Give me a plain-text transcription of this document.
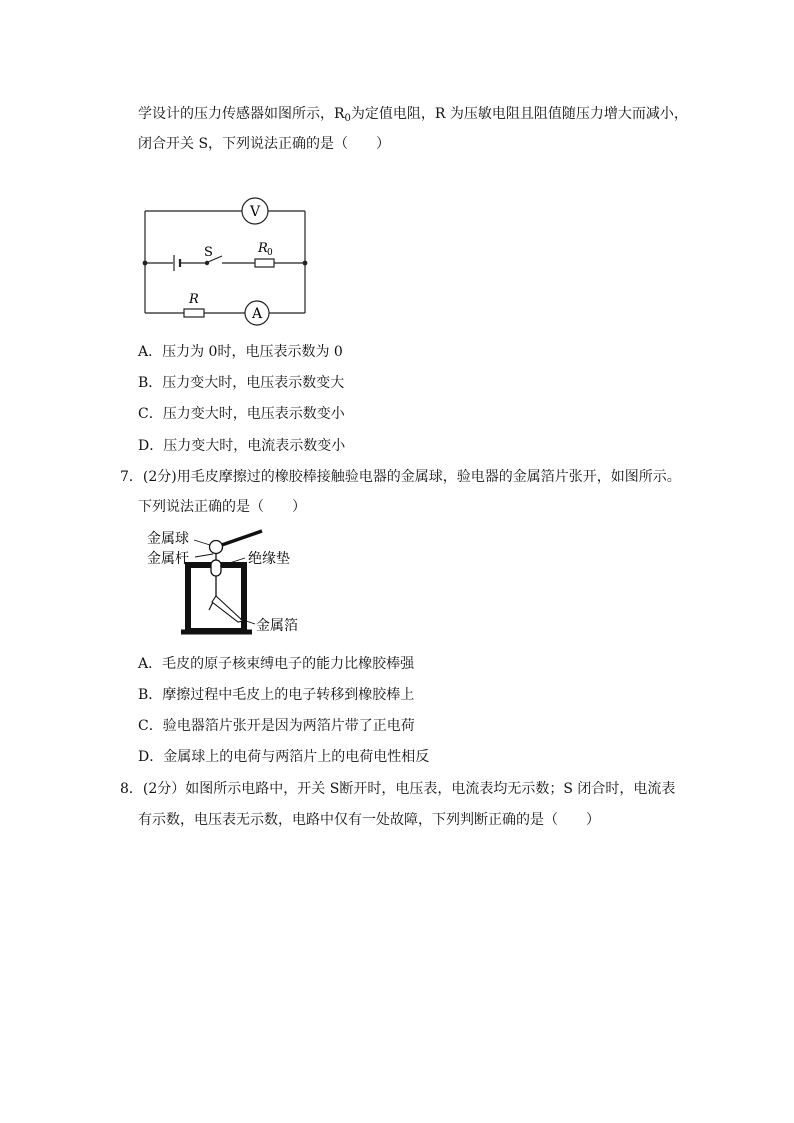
学设计的压力传感器如图所示，$R_0$为定值电阻，R 为压敏电阻且阻值随压力增大而减小，
闭合开关 S，下列说法正确的是（　　）
V
A
S	R 0
R
A．压力为 0时，电压表示数为 0
B．压力变大时，电压表示数变大
C．压力变大时，电压表示数变小
D．压力变大时，电流表示数变小
7．(2分)用毛皮摩擦过的橡胶棒接触验电器的金属球，验电器的金属箔片张开，如图所示。
下列说法正确的是（　　）
金属球
金属杆	绝缘垫
金属箔
A．毛皮的原子核束缚电子的能力比橡胶棒强
B．摩擦过程中毛皮上的电子转移到橡胶棒上
C．验电器箔片张开是因为两箔片带了正电荷
D．金属球上的电荷与两箔片上的电荷电性相反
8．(2分）如图所示电路中，开关 S断开时，电压表，电流表均无示数；S 闭合时，电流表
有示数，电压表无示数，电路中仅有一处故障，下列判断正确的是（　　）
